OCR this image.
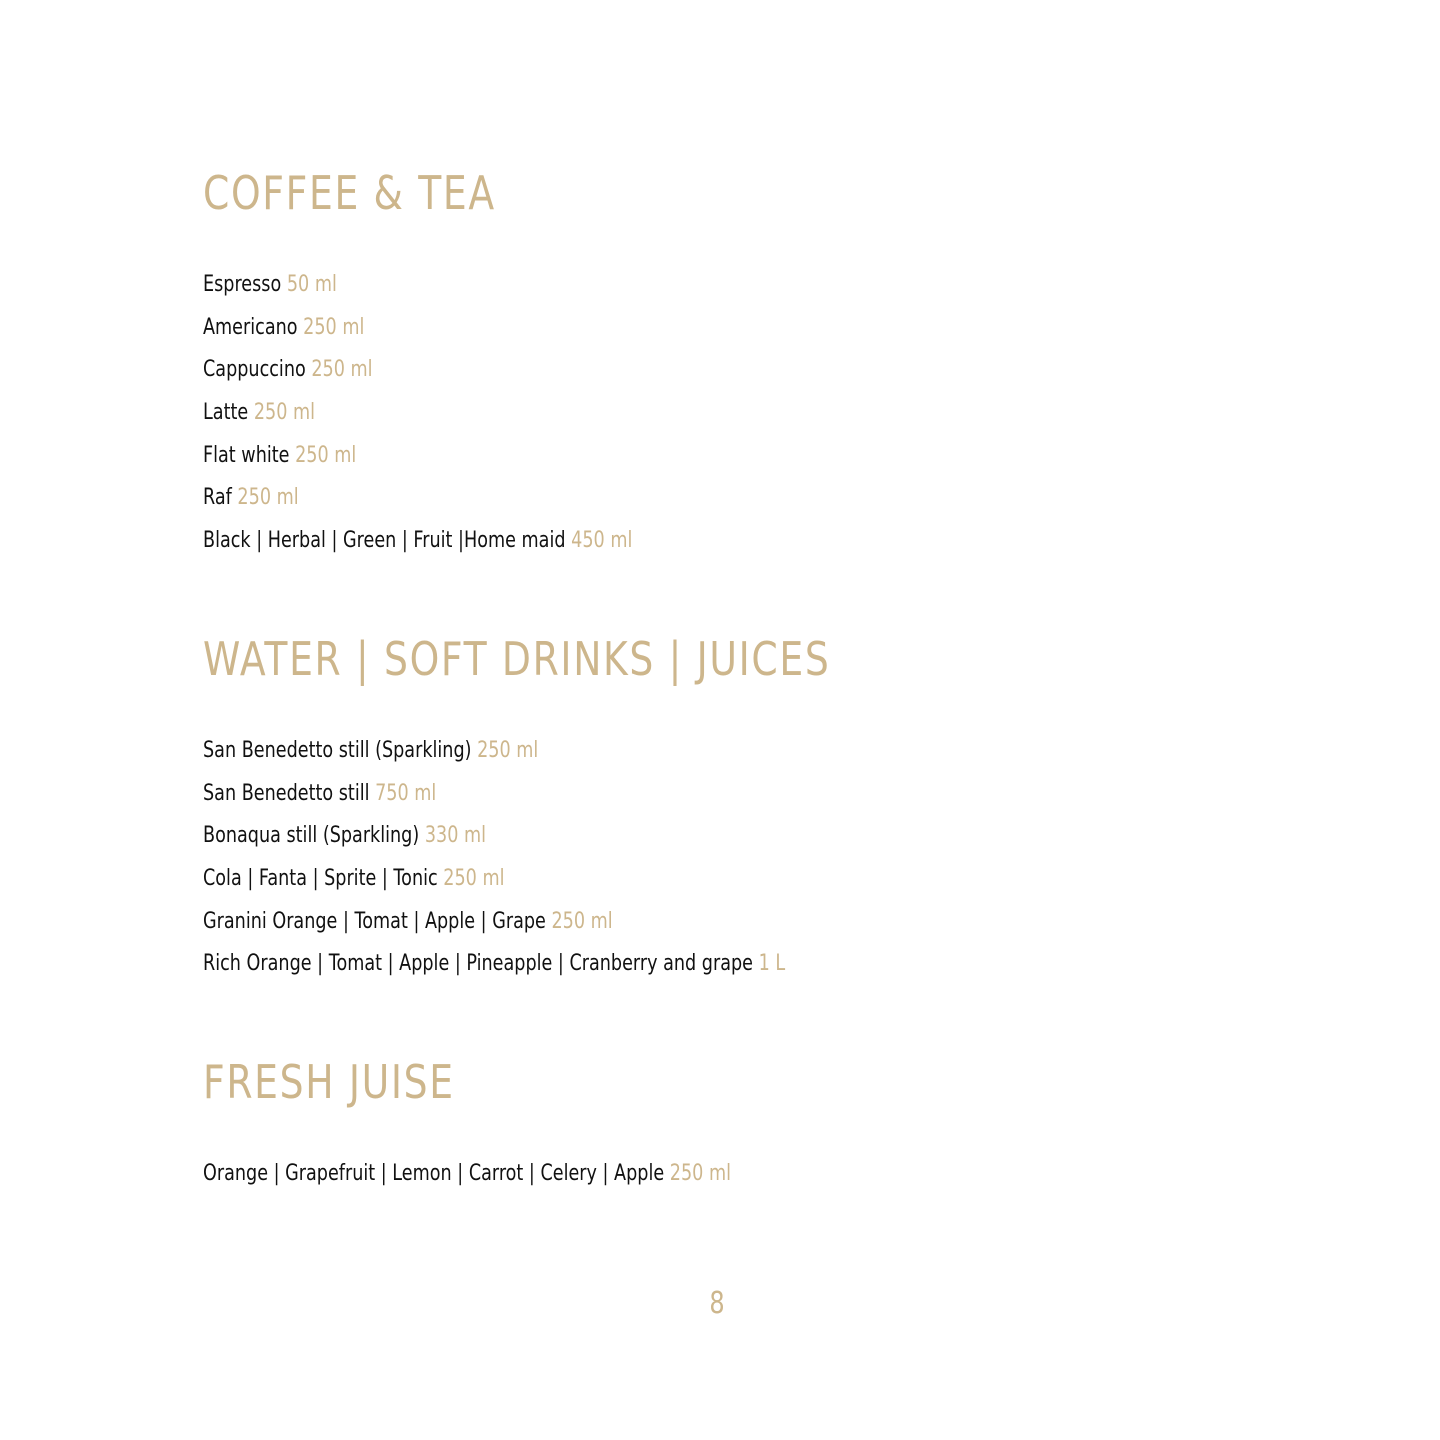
COFFEE & TEA
Espresso 50 ml
Americano 250 ml
Cappuccino 250 ml
Latte 250 ml
Flat white 250 ml
Raf 250 ml
Black | Herbal | Green | Fruit |Home maid 450 ml
WATER | SOFT DRINKS | JUICES
San Benedetto still (Sparkling) 250 ml
San Benedetto still 750 ml
Bonaqua still (Sparkling) 330 ml
Cola | Fanta | Sprite | Tonic 250 ml
Granini Orange | Tomat | Apple | Grape 250 ml
Rich Orange | Tomat | Apple | Pineapple | Cranberry and grape 1 L
FRESH JUISE
Orange | Grapefruit | Lemon | Carrot | Celery | Apple 250 ml
8
